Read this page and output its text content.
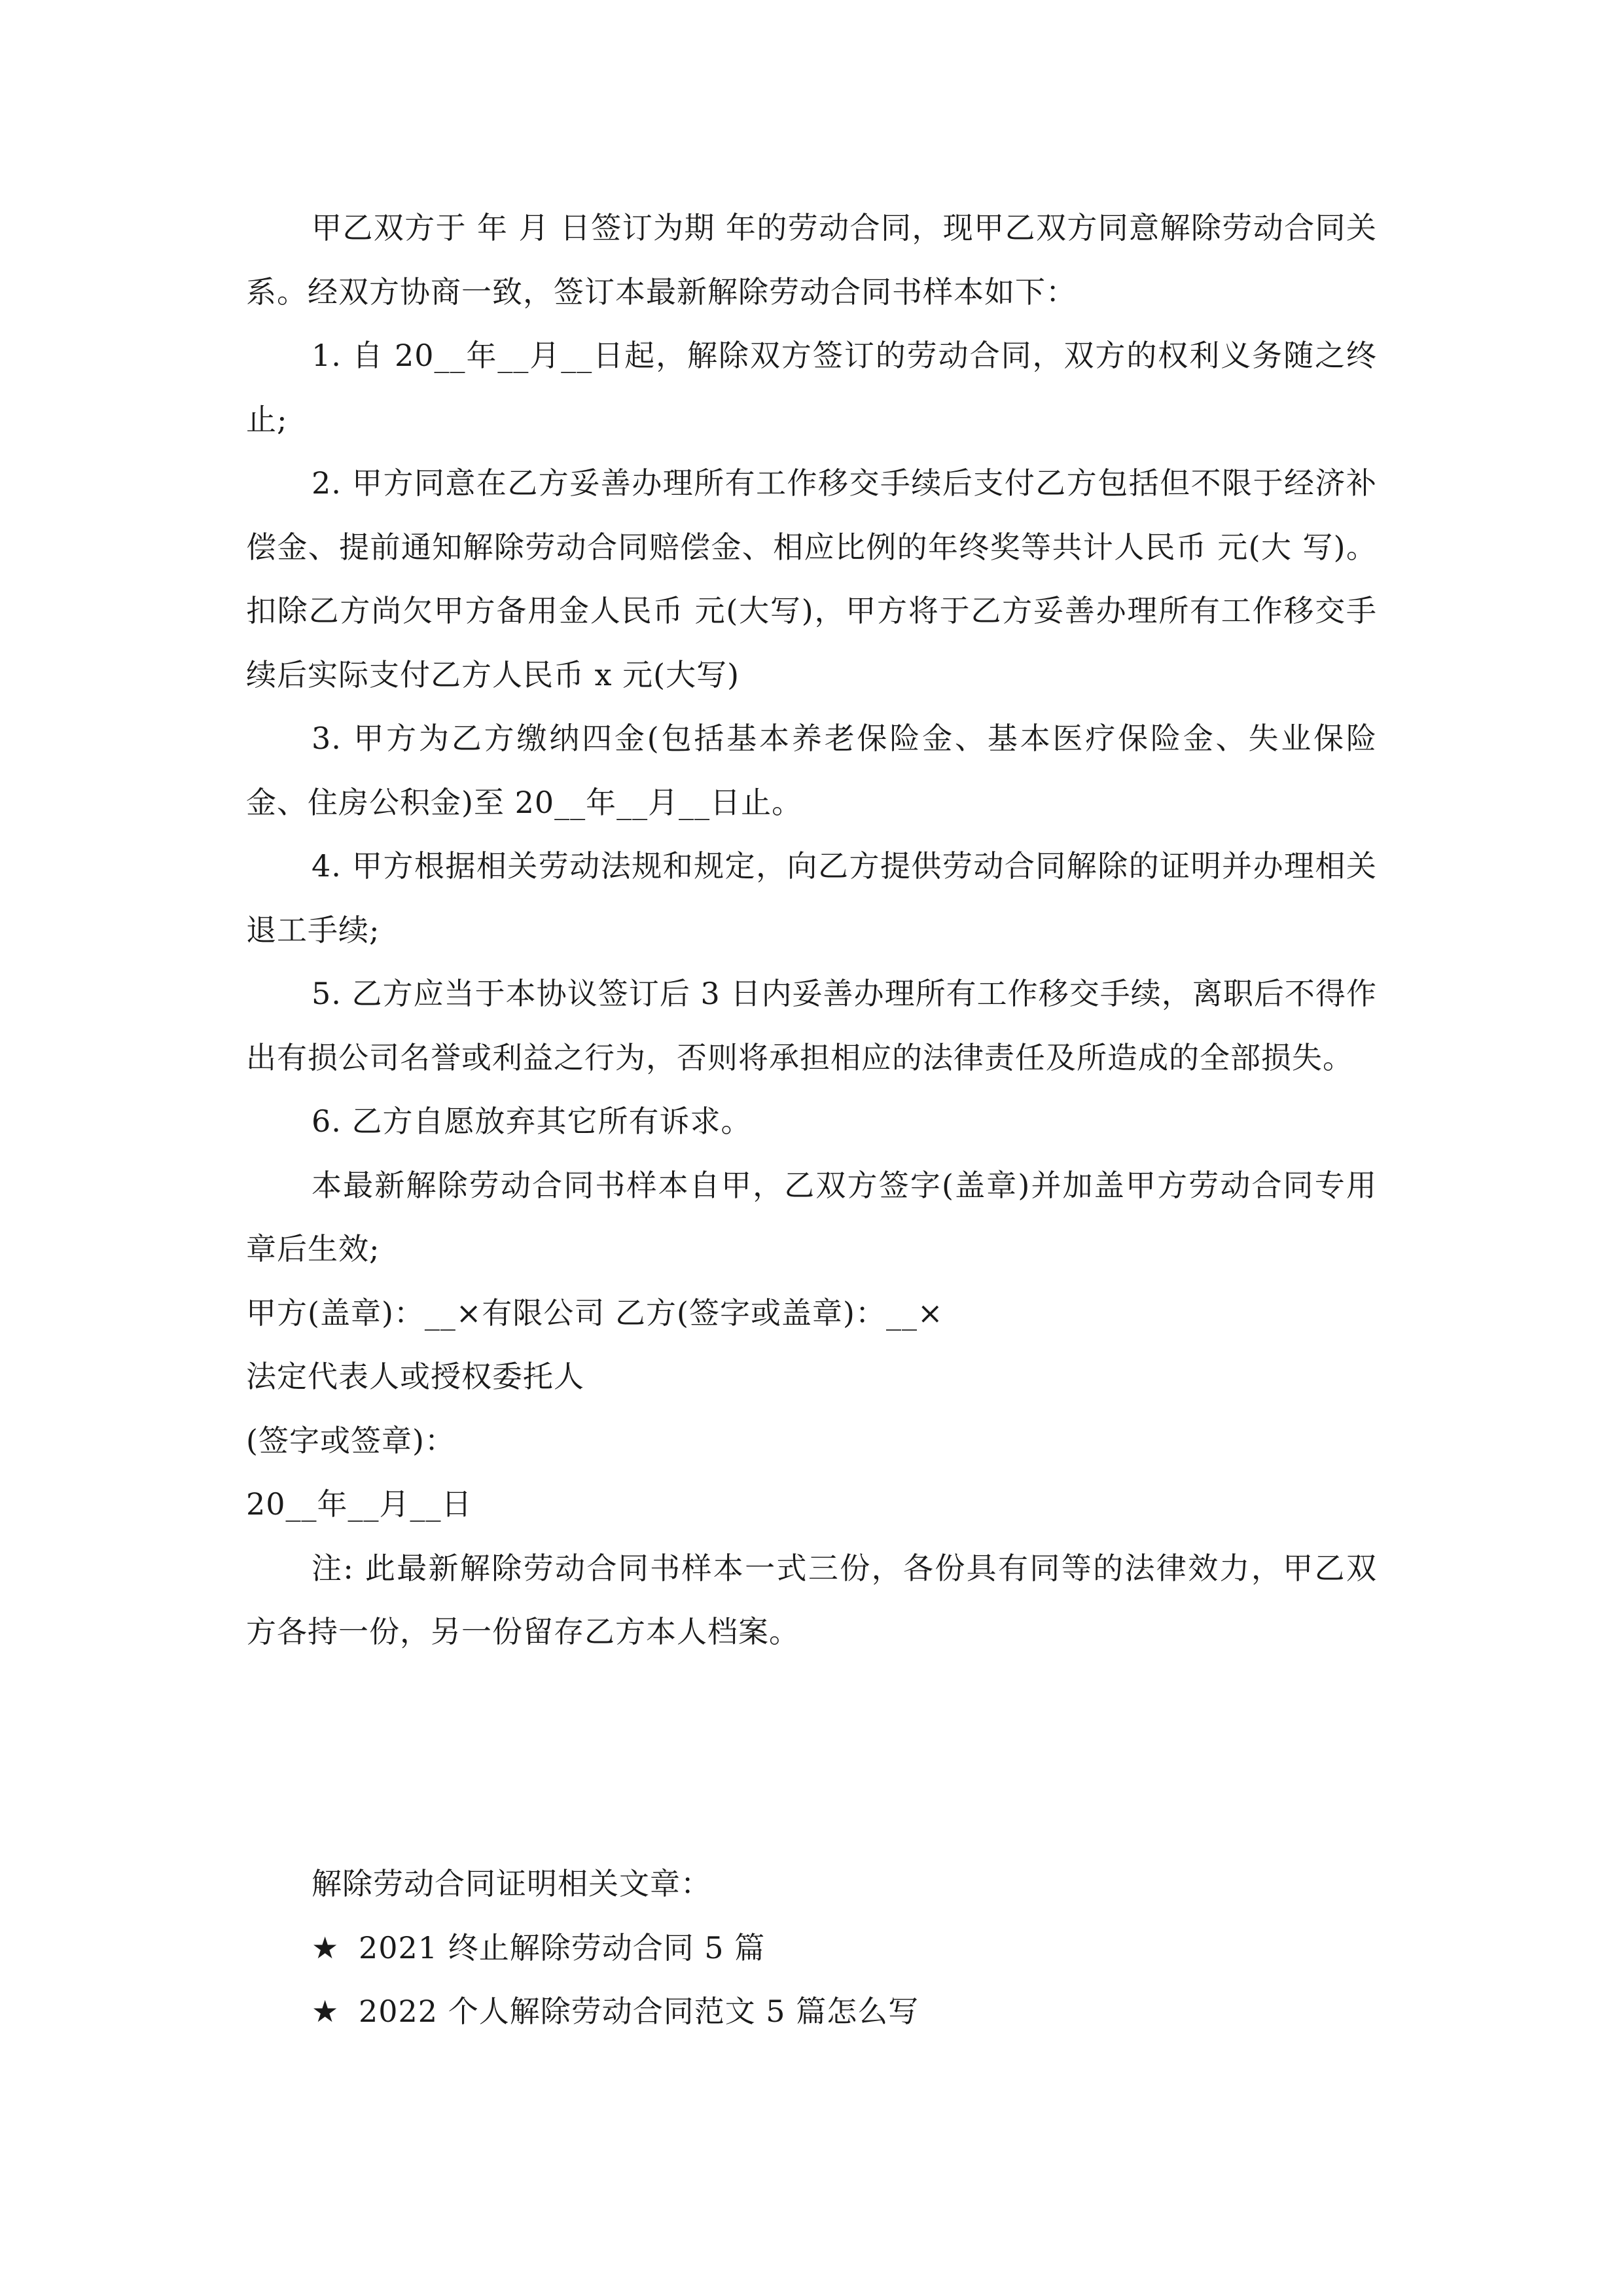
甲乙双方于 年 月 日签订为期 年的劳动合同，现甲乙双方同意解除劳动合同关系。经双方协商一致，签订本最新解除劳动合同书样本如下：

1. 自 20__年__月__日起，解除双方签订的劳动合同，双方的权利义务随之终止;

2. 甲方同意在乙方妥善办理所有工作移交手续后支付乙方包括但不限于经济补偿金、提前通知解除劳动合同赔偿金、相应比例的年终奖等共计人民币 元(大 写)。扣除乙方尚欠甲方备用金人民币 元(大写)，甲方将于乙方妥善办理所有工作移交手续后实际支付乙方人民币 x 元(大写)

3. 甲方为乙方缴纳四金(包括基本养老保险金、基本医疗保险金、失业保险金、住房公积金)至 20__年__月__日止。

4. 甲方根据相关劳动法规和规定，向乙方提供劳动合同解除的证明并办理相关退工手续;

5. 乙方应当于本协议签订后 3 日内妥善办理所有工作移交手续，离职后不得作出有损公司名誉或利益之行为，否则将承担相应的法律责任及所造成的全部损失。

6. 乙方自愿放弃其它所有诉求。

本最新解除劳动合同书样本自甲，乙双方签字(盖章)并加盖甲方劳动合同专用章后生效;

甲方(盖章)：__×有限公司 乙方(签字或盖章)：__×

法定代表人或授权委托人

(签字或签章)：

20__年__月__日

注: 此最新解除劳动合同书样本一式三份，各份具有同等的法律效力，甲乙双方各持一份，另一份留存乙方本人档案。

解除劳动合同证明相关文章：

★ 2021 终止解除劳动合同 5 篇

★ 2022 个人解除劳动合同范文 5 篇怎么写
